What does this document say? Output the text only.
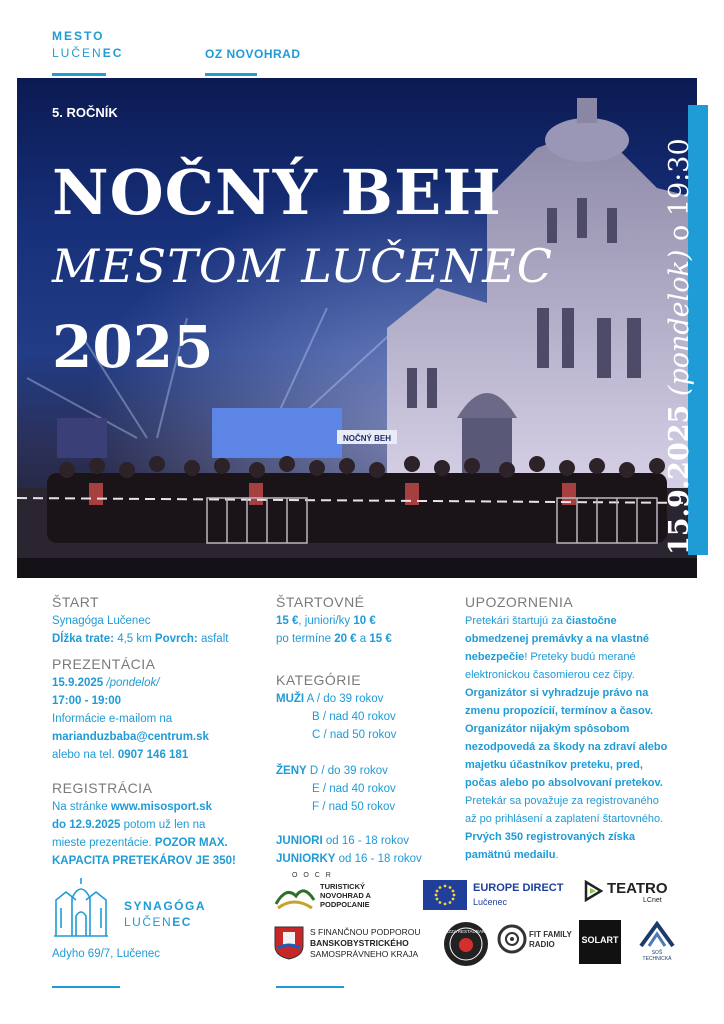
MESTO
LUČENEC	OZ NOVOHRAD
NOČNÝ BEH
5. ROČNÍK
NOČNÝ BEH
MESTOM LUČENEC
2025
15.9.2025 (pondelok) o 19:30
ŠTART
Synagóga Lučenec
Dĺžka trate: 4,5 km Povrch: asfalt
PREZENTÁCIA
15.9.2025 /pondelok/
17:00 - 19:00
Informácie e-mailom na
marianduzbaba@centrum.sk
alebo na tel. 0907 146 181
REGISTRÁCIA
Na stránke www.misosport.sk
do 12.9.2025 potom už len na
mieste prezentácie. POZOR MAX.
KAPACITA PRETEKÁROV JE 350!
ŠTARTOVNÉ
15 €, juniori/ky 10 €
po termíne 20 € a 15 €
KATEGÓRIE
MUŽI A / do 39 rokov
B / nad 40 rokov
C / nad 50 rokov
ŽENY D / do 39 rokov
E / nad 40 rokov
F / nad 50 rokov
JUNIORI od 16 - 18 rokov
JUNIORKY od 16 - 18 rokov
UPOZORNENIA
Pretekári štartujú za čiastočne
obmedzenej premávky a na vlastné
nebezpečie! Preteky budú merané
elektronickou časomierou cez čipy.
Organizátor si vyhradzuje právo na
zmenu propozícií, termínov a časov.
Organizátor nijakým spôsobom
nezodpovedá za škody na zdraví alebo
majetku účastníkov preteku, pred,
počas alebo po absolvovaní pretekov.
Pretekár sa považuje za registrovaného
až po prihlásení a zaplatení štartovného.
Prvých 350 registrovaných získa
pamätnú medailu.
SYNAGÓGA
LUČENEC
Adyho 69/7, Lučenec
O O C R
TURISTICKÝ
NOVOHRAD A
PODPOĽANIE
EUROPE DIRECT
Lučenec
TEATRO
LCnet
S FINANČNOU PODPOROU
BANSKOBYSTRICKÉHO
SAMOSPRÁVNEHO KRAJA
PIZZA RESTAURANT	FIT FAMILY
RADIO	SOLART
SOŠ TECHNICKÁ
